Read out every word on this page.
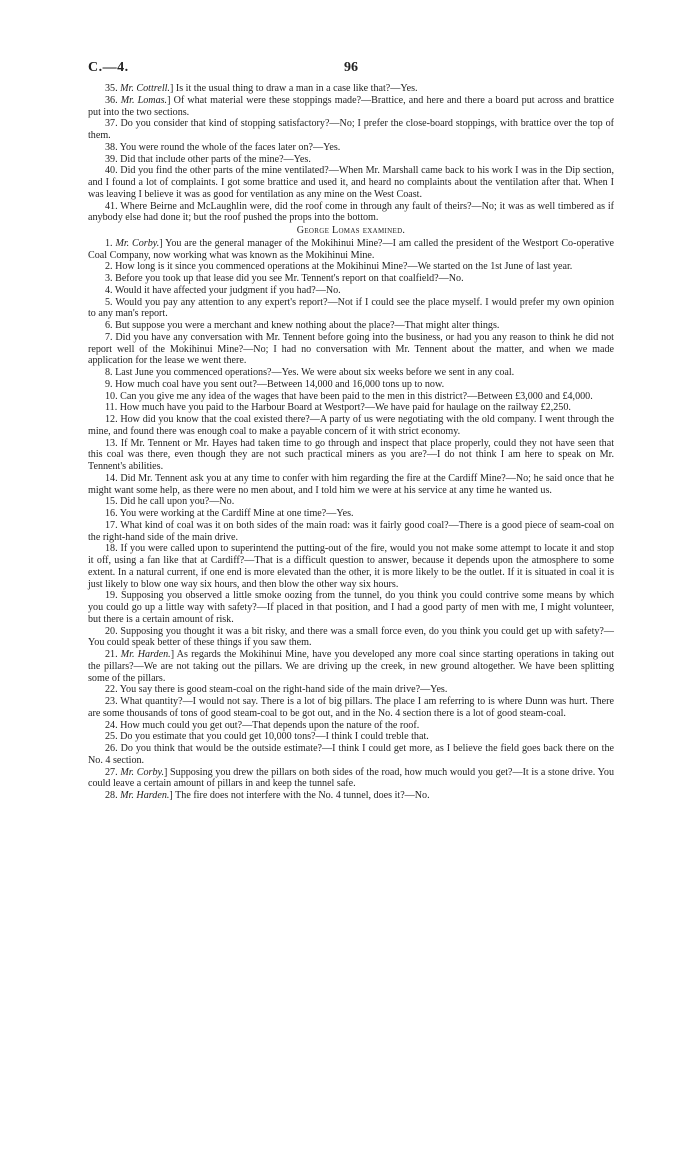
C.—4.	96

35. Mr. Cottrell.] Is it the usual thing to draw a man in a case like that?—Yes.

36. Mr. Lomas.] Of what material were these stoppings made?—Brattice, and here and there a board put across and brattice put into the two sections.

37. Do you consider that kind of stopping satisfactory?—No; I prefer the close-board stoppings, with brattice over the top of them.

38. You were round the whole of the faces later on?—Yes.

39. Did that include other parts of the mine?—Yes.

40. Did you find the other parts of the mine ventilated?—When Mr. Marshall came back to his work I was in the Dip section, and I found a lot of complaints. I got some brattice and used it, and heard no complaints about the ventilation after that. When I was leaving I believe it was as good for ventilation as any mine on the West Coast.

41. Where Beirne and McLaughlin were, did the roof come in through any fault of theirs?—No; it was as well timbered as if anybody else had done it; but the roof pushed the props into the bottom.

George Lomas examined.

1. Mr. Corby.] You are the general manager of the Mokihinui Mine?—I am called the president of the Westport Co-operative Coal Company, now working what was known as the Mokihinui Mine.

2. How long is it since you commenced operations at the Mokihinui Mine?—We started on the 1st June of last year.

3. Before you took up that lease did you see Mr. Tennent's report on that coalfield?—No.

4. Would it have affected your judgment if you had?—No.

5. Would you pay any attention to any expert's report?—Not if I could see the place myself. I would prefer my own opinion to any man's report.

6. But suppose you were a merchant and knew nothing about the place?—That might alter things.

7. Did you have any conversation with Mr. Tennent before going into the business, or had you any reason to think he did not report well of the Mokihinui Mine?—No; I had no conversation with Mr. Tennent about the matter, and when we made application for the lease we went there.

8. Last June you commenced operations?—Yes. We were about six weeks before we sent in any coal.

9. How much coal have you sent out?—Between 14,000 and 16,000 tons up to now.

10. Can you give me any idea of the wages that have been paid to the men in this district?—Between £3,000 and £4,000.

11. How much have you paid to the Harbour Board at Westport?—We have paid for haulage on the railway £2,250.

12. How did you know that the coal existed there?—A party of us were negotiating with the old company. I went through the mine, and found there was enough coal to make a payable concern of it with strict economy.

13. If Mr. Tennent or Mr. Hayes had taken time to go through and inspect that place properly, could they not have seen that this coal was there, even though they are not such practical miners as you are?—I do not think I am here to speak on Mr. Tennent's abilities.

14. Did Mr. Tennent ask you at any time to confer with him regarding the fire at the Cardiff Mine?—No; he said once that he might want some help, as there were no men about, and I told him we were at his service at any time he wanted us.

15. Did he call upon you?—No.

16. You were working at the Cardiff Mine at one time?—Yes.

17. What kind of coal was it on both sides of the main road: was it fairly good coal?—There is a good piece of seam-coal on the right-hand side of the main drive.

18. If you were called upon to superintend the putting-out of the fire, would you not make some attempt to locate it and stop it off, using a fan like that at Cardiff?—That is a difficult question to answer, because it depends upon the atmosphere to some extent. In a natural current, if one end is more elevated than the other, it is more likely to be the outlet. If it is situated in coal it is just likely to blow one way six hours, and then blow the other way six hours.

19. Supposing you observed a little smoke oozing from the tunnel, do you think you could contrive some means by which you could go up a little way with safety?—If placed in that position, and I had a good party of men with me, I might volunteer, but there is a certain amount of risk.

20. Supposing you thought it was a bit risky, and there was a small force even, do you think you could get up with safety?—You could speak better of these things if you saw them.

21. Mr. Harden.] As regards the Mokihinui Mine, have you developed any more coal since starting operations in taking out the pillars?—We are not taking out the pillars. We are driving up the creek, in new ground altogether. We have been splitting some of the pillars.

22. You say there is good steam-coal on the right-hand side of the main drive?—Yes.

23. What quantity?—I would not say. There is a lot of big pillars. The place I am referring to is where Dunn was hurt. There are some thousands of tons of good steam-coal to be got out, and in the No. 4 section there is a lot of good steam-coal.

24. How much could you get out?—That depends upon the nature of the roof.

25. Do you estimate that you could get 10,000 tons?—I think I could treble that.

26. Do you think that would be the outside estimate?—I think I could get more, as I believe the field goes back there on the No. 4 section.

27. Mr. Corby.] Supposing you drew the pillars on both sides of the road, how much would you get?—It is a stone drive. You could leave a certain amount of pillars in and keep the tunnel safe.

28. Mr. Harden.] The fire does not interfere with the No. 4 tunnel, does it?—No.
